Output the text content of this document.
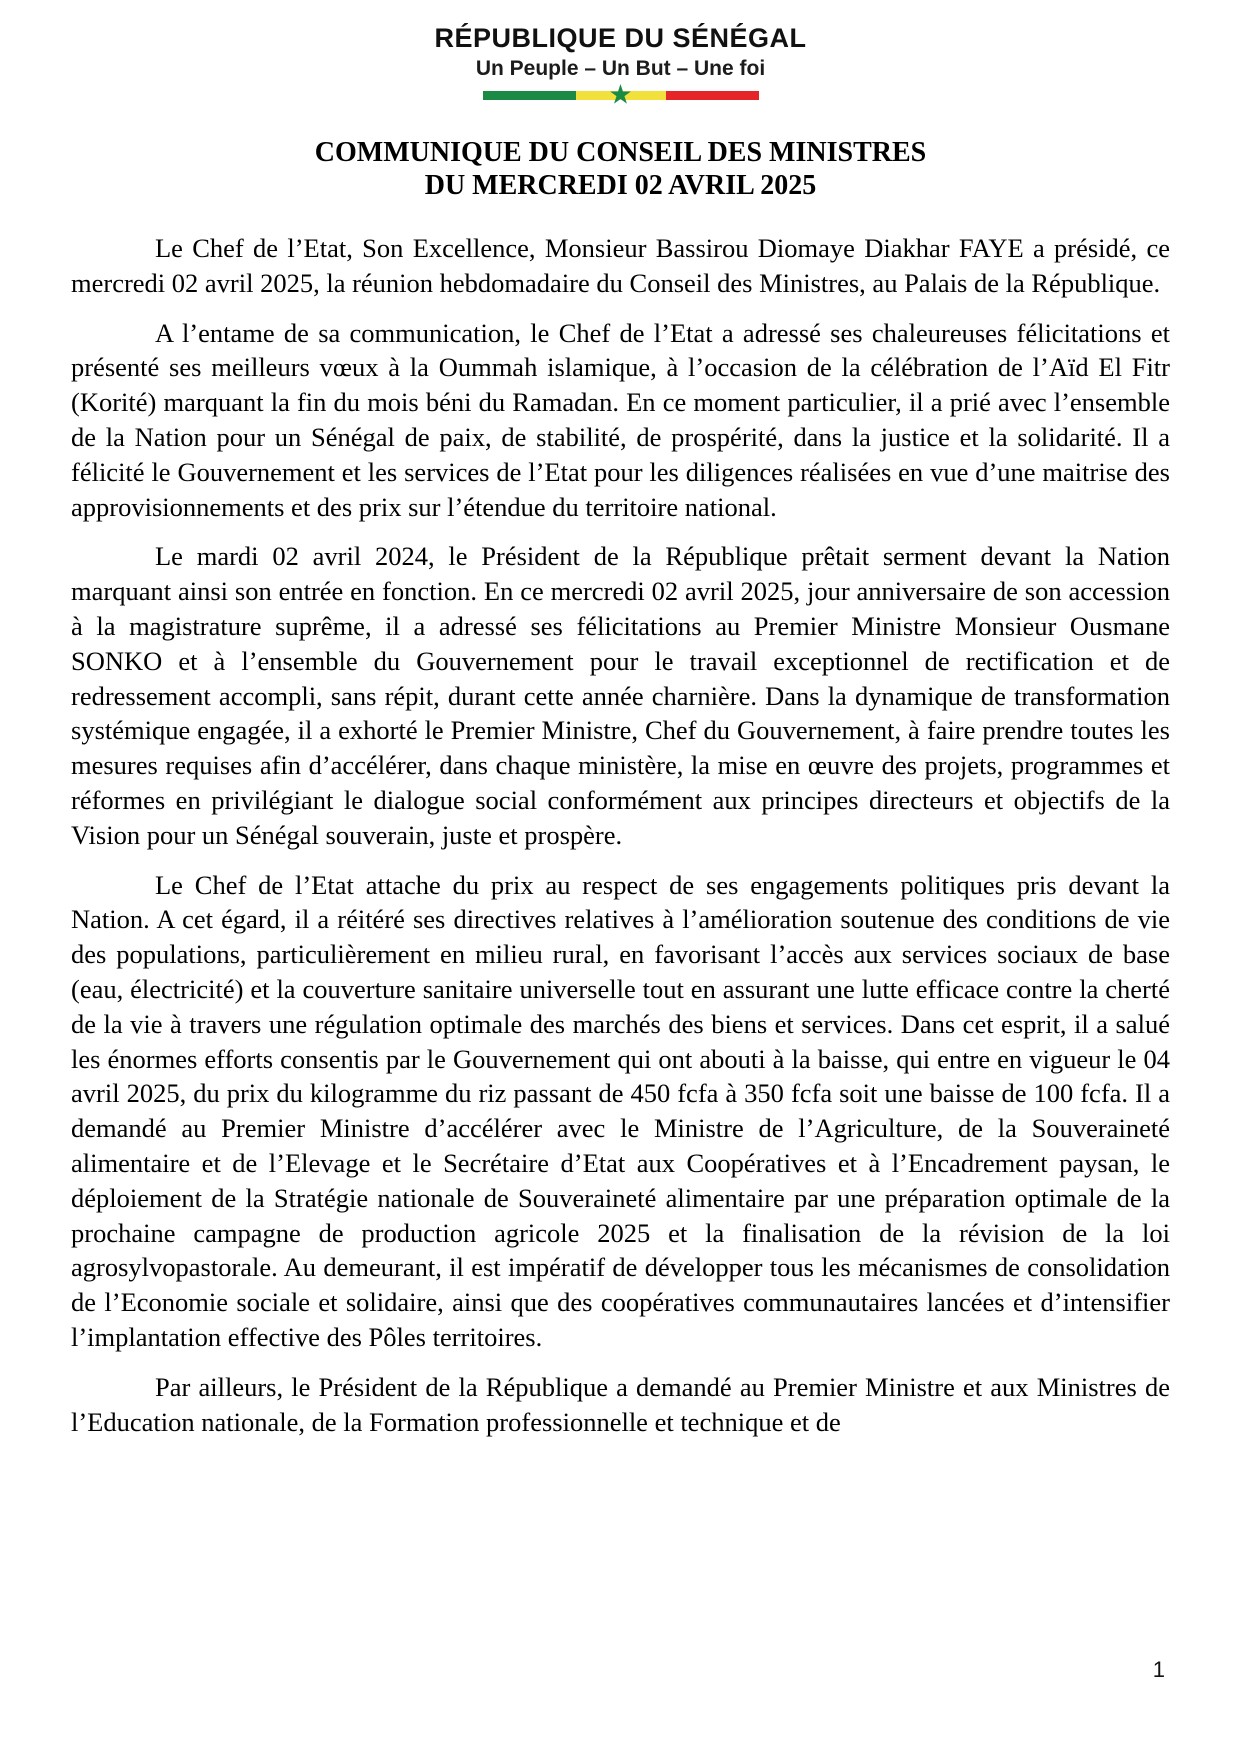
RÉPUBLIQUE DU SÉNÉGAL
Un Peuple – Un But – Une foi
★
COMMUNIQUE DU CONSEIL DES MINISTRES
DU MERCREDI 02 AVRIL 2025

Le Chef de l’Etat, Son Excellence, Monsieur Bassirou Diomaye Diakhar FAYE a présidé, ce mercredi 02 avril 2025, la réunion hebdomadaire du Conseil des Ministres, au Palais de la République.

A l’entame de sa communication, le Chef de l’Etat a adressé ses chaleureuses félicitations et présenté ses meilleurs vœux à la Oummah islamique, à l’occasion de la célébration de l’Aïd El Fitr (Korité) marquant la fin du mois béni du Ramadan. En ce moment particulier, il a prié avec l’ensemble de la Nation pour un Sénégal de paix, de stabilité, de prospérité, dans la justice et la solidarité. Il a félicité le Gouvernement et les services de l’Etat pour les diligences réalisées en vue d’une maitrise des approvisionnements et des prix sur l’étendue du territoire national.

Le mardi 02 avril 2024, le Président de la République prêtait serment devant la Nation marquant ainsi son entrée en fonction. En ce mercredi 02 avril 2025, jour anniversaire de son accession à la magistrature suprême, il a adressé ses félicitations au Premier Ministre Monsieur Ousmane SONKO et à l’ensemble du Gouvernement pour le travail exceptionnel de rectification et de redressement accompli, sans répit, durant cette année charnière. Dans la dynamique de transformation systémique engagée, il a exhorté le Premier Ministre, Chef du Gouvernement, à faire prendre toutes les mesures requises afin d’accélérer, dans chaque ministère, la mise en œuvre des projets, programmes et réformes en privilégiant le dialogue social conformément aux principes directeurs et objectifs de la Vision pour un Sénégal souverain, juste et prospère.

Le Chef de l’Etat attache du prix au respect de ses engagements politiques pris devant la Nation. A cet égard, il a réitéré ses directives relatives à l’amélioration soutenue des conditions de vie des populations, particulièrement en milieu rural, en favorisant l’accès aux services sociaux de base (eau, électricité) et la couverture sanitaire universelle tout en assurant une lutte efficace contre la cherté de la vie à travers une régulation optimale des marchés des biens et services. Dans cet esprit, il a salué les énormes efforts consentis par le Gouvernement qui ont abouti à la baisse, qui entre en vigueur le 04 avril 2025, du prix du kilogramme du riz passant de 450 fcfa à 350 fcfa soit une baisse de 100 fcfa. Il a demandé au Premier Ministre d’accélérer avec le Ministre de l’Agriculture, de la Souveraineté alimentaire et de l’Elevage et le Secrétaire d’Etat aux Coopératives et à l’Encadrement paysan, le déploiement de la Stratégie nationale de Souveraineté alimentaire par une préparation optimale de la prochaine campagne de production agricole 2025 et la finalisation de la révision de la loi agrosylvopastorale. Au demeurant, il est impératif de développer tous les mécanismes de consolidation de l’Economie sociale et solidaire, ainsi que des coopératives communautaires lancées et d’intensifier l’implantation effective des Pôles territoires.

Par ailleurs, le Président de la République a demandé au Premier Ministre et aux Ministres de l’Education nationale, de la Formation professionnelle et technique et de

1
